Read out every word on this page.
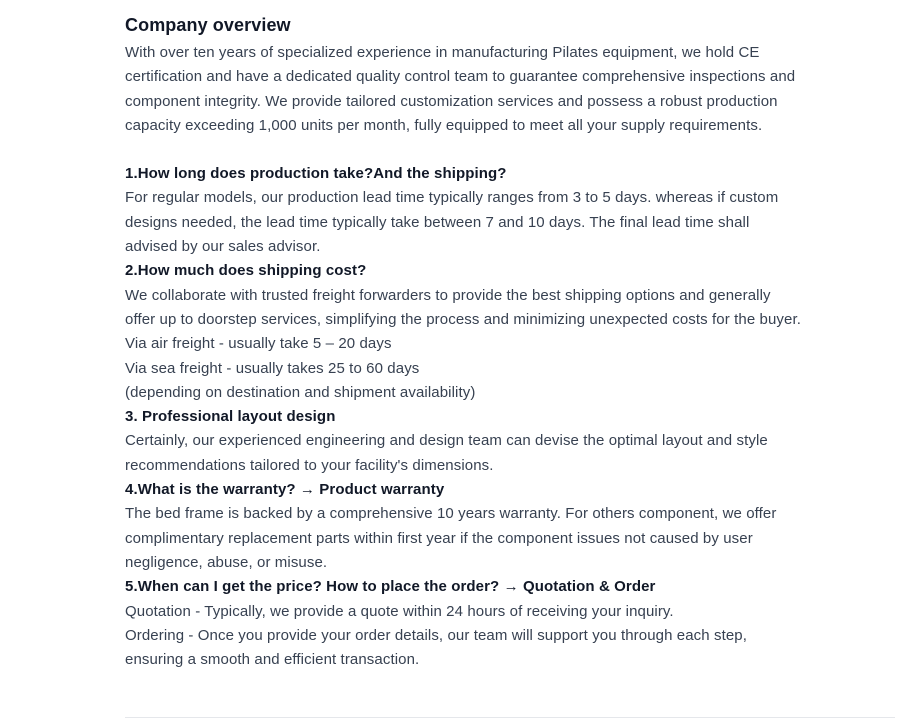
Company overview

With over ten years of specialized experience in manufacturing Pilates equipment, we hold CE certification and have a dedicated quality control team to guarantee comprehensive inspections and component integrity. We provide tailored customization services and possess a robust production capacity exceeding 1,000 units per month, fully equipped to meet all your supply requirements.

1.How long does production take?And the shipping?

For regular models, our production lead time typically ranges from 3 to 5 days. whereas if custom designs needed, the lead time typically take between 7 and 10 days. The final lead time shall advised by our sales advisor.

2.How much does shipping cost?

We collaborate with trusted freight forwarders to provide the best shipping options and generally offer up to doorstep services, simplifying the process and minimizing unexpected costs for the buyer.

Via air freight - usually take 5 – 20 days

Via sea freight - usually takes 25 to 60 days

(depending on destination and shipment availability)

3. Professional layout design

Certainly, our experienced engineering and design team can devise the optimal layout and style recommendations tailored to your facility's dimensions.

4.What is the warranty? → Product warranty

The bed frame is backed by a comprehensive 10 years warranty. For others component, we offer complimentary replacement parts within first year if the component issues not caused by user negligence, abuse, or misuse.

5.When can I get the price? How to place the order? → Quotation & Order

Quotation - Typically, we provide a quote within 24 hours of receiving your inquiry.

Ordering - Once you provide your order details, our team will support you through each step, ensuring a smooth and efficient transaction.
